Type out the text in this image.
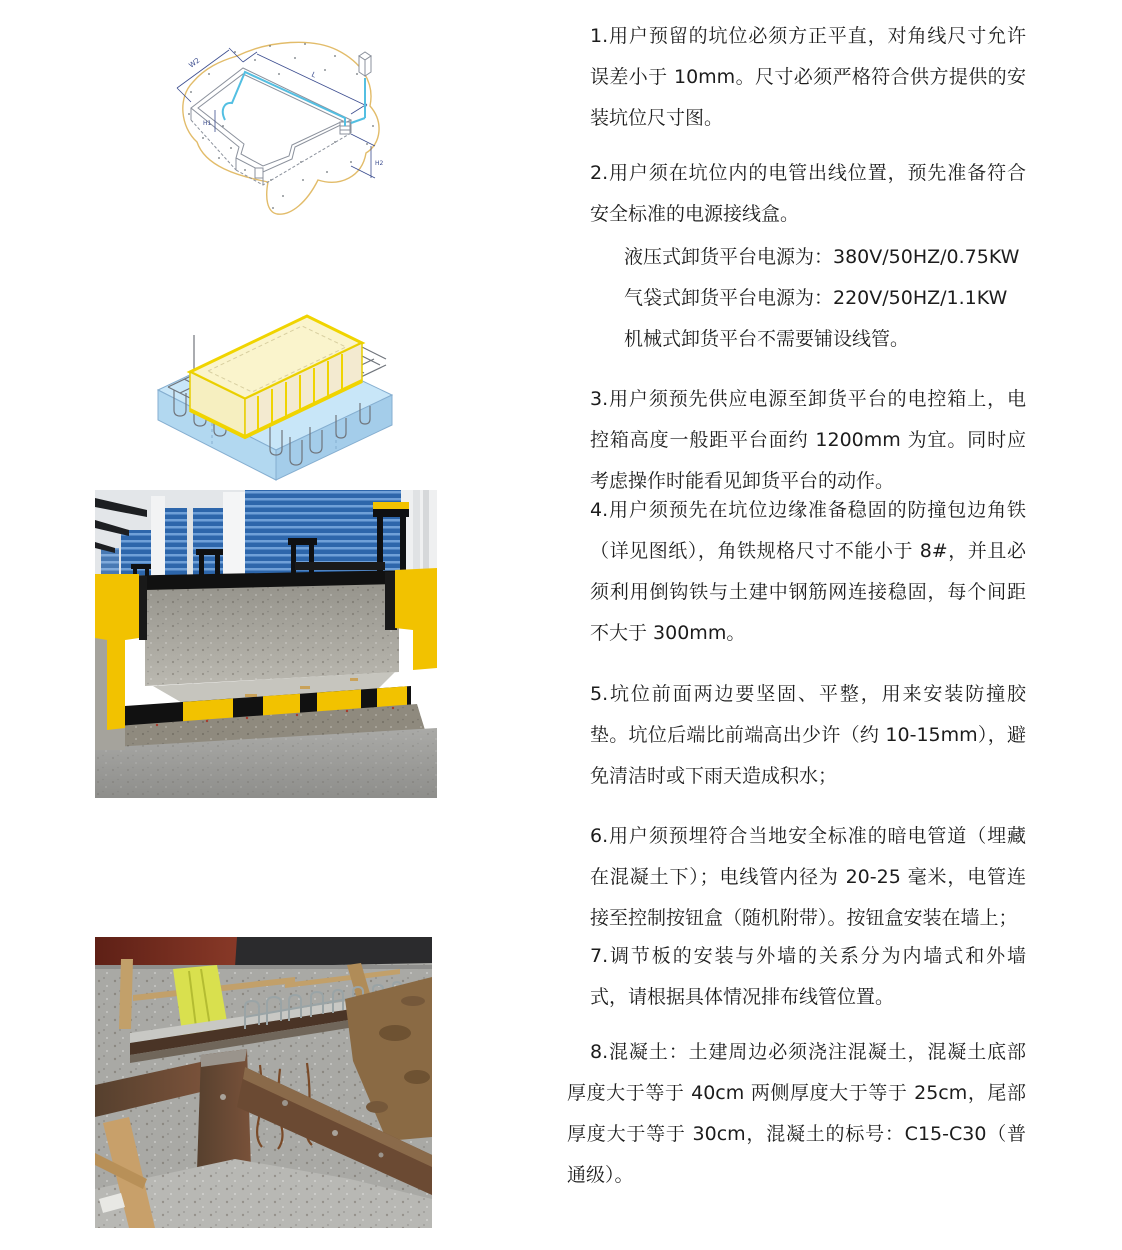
W2
L
H1
H2

1.用户预留的坑位必须方正平直，对角线尺寸允许误差小于 10mm。尺寸必须严格符合供方提供的安装坑位尺寸图。

2.用户须在坑位内的电管出线位置，预先准备符合安全标准的电源接线盒。

液压式卸货平台电源为：380V/50HZ/0.75KW

气袋式卸货平台电源为：220V/50HZ/1.1KW

机械式卸货平台不需要铺设线管。

3.用户须预先供应电源至卸货平台的电控箱上，电控箱高度一般距平台面约 1200mm 为宜。同时应考虑操作时能看见卸货平台的动作。

4.用户须预先在坑位边缘准备稳固的防撞包边角铁（详见图纸），角铁规格尺寸不能小于 8#，并且必须利用倒钩铁与土建中钢筋网连接稳固，每个间距不大于 300mm。

5.坑位前面两边要坚固、平整，用来安装防撞胶垫。坑位后端比前端高出少许（约 10-15mm），避免清洁时或下雨天造成积水；

6.用户须预埋符合当地安全标准的暗电管道（埋藏在混凝土下）；电线管内径为 20-25 毫米，电管连接至控制按钮盒（随机附带）。按钮盒安装在墙上；

7.调节板的安装与外墙的关系分为内墙式和外墙式，请根据具体情况排布线管位置。

8.混凝土：土建周边必须浇注混凝土，混凝土底部厚度大于等于 40cm 两侧厚度大于等于 25cm，尾部厚度大于等于 30cm，混凝土的标号：C15-C30（普通级）。
